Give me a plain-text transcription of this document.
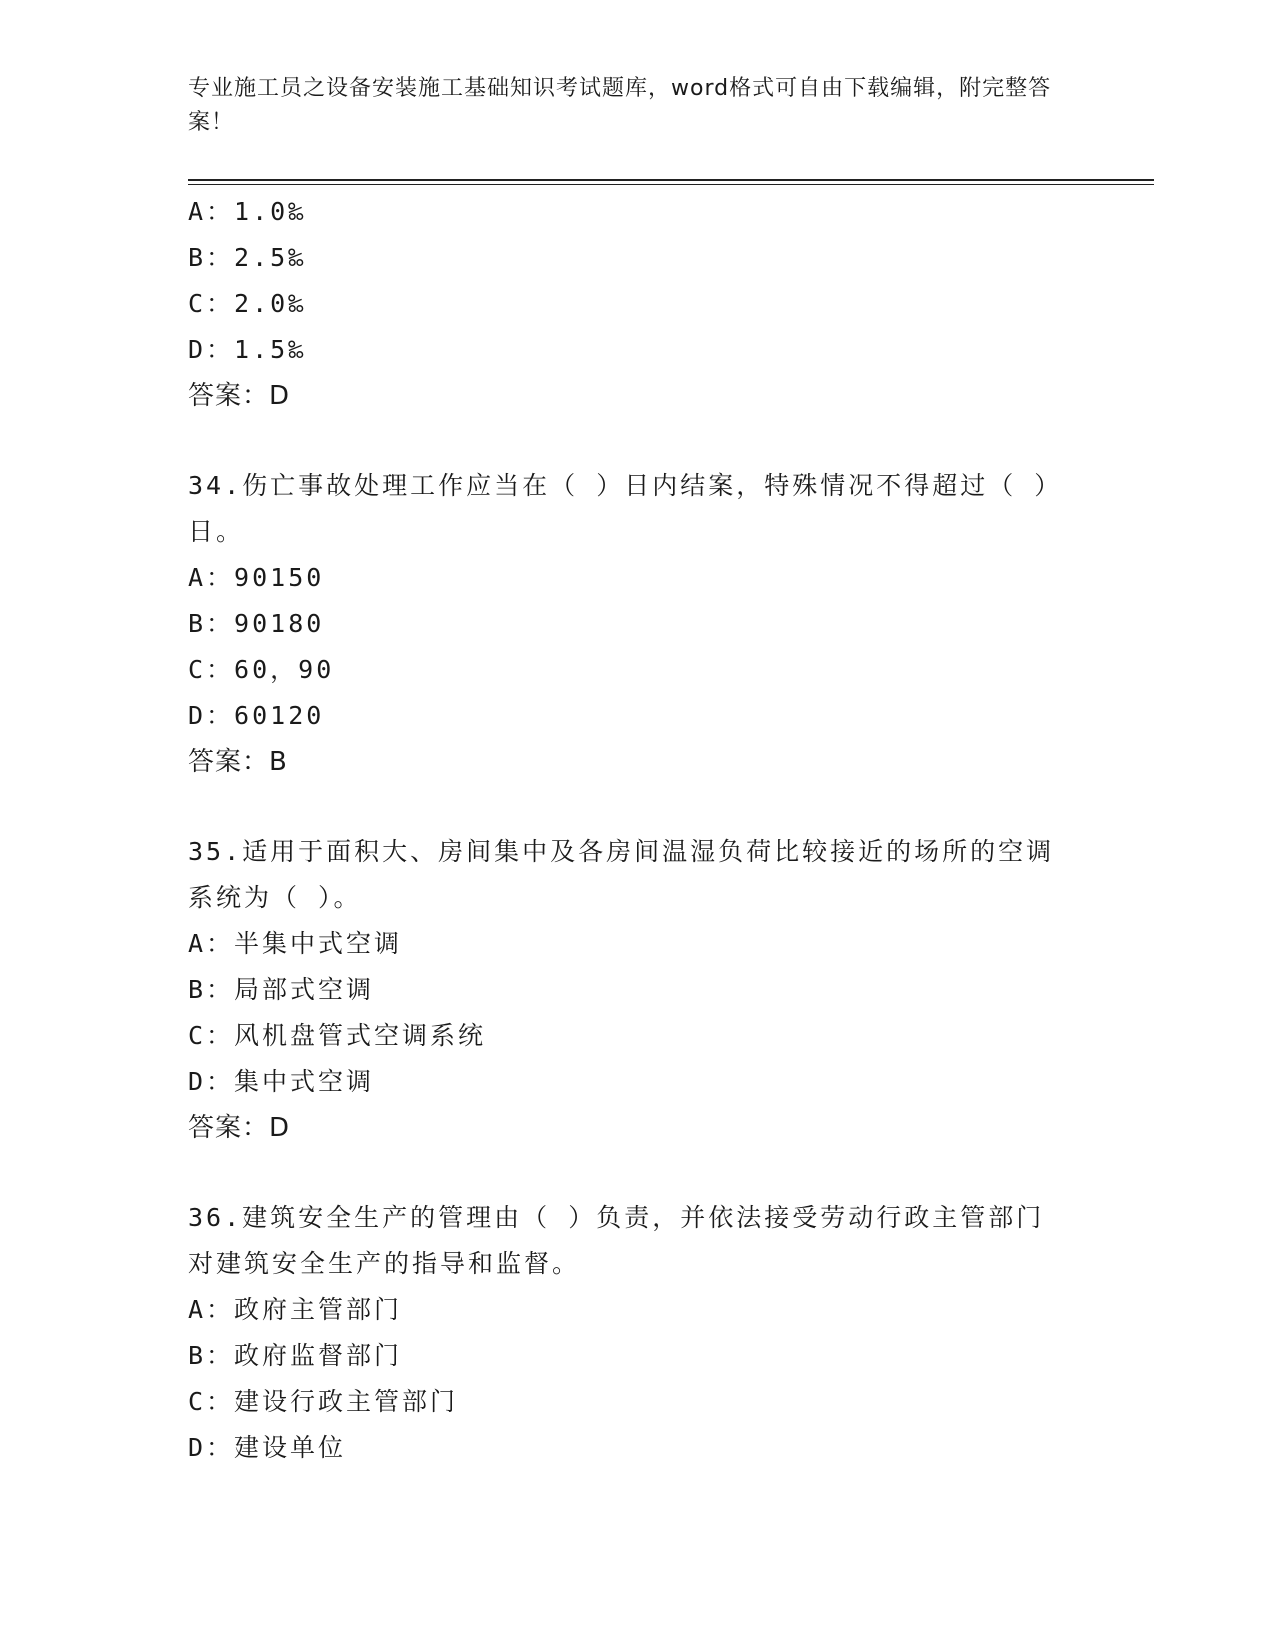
专业施工员之设备安装施工基础知识考试题库，word格式可自由下载编辑，附完整答案！
A：1.0‰
B：2.5‰
C：2.0‰
D：1.5‰
答案：D
34.伤亡事故处理工作应当在（ ）日内结案，特殊情况不得超过（ ）日。
A：90150
B：90180
C：60，90
D：60120
答案：B
35.适用于面积大、房间集中及各房间温湿负荷比较接近的场所的空调系统为（ ）。
A：半集中式空调
B：局部式空调
C：风机盘管式空调系统
D：集中式空调
答案：D
36.建筑安全生产的管理由（ ）负责，并依法接受劳动行政主管部门对建筑安全生产的指导和监督。
A：政府主管部门
B：政府监督部门
C：建设行政主管部门
D：建设单位
